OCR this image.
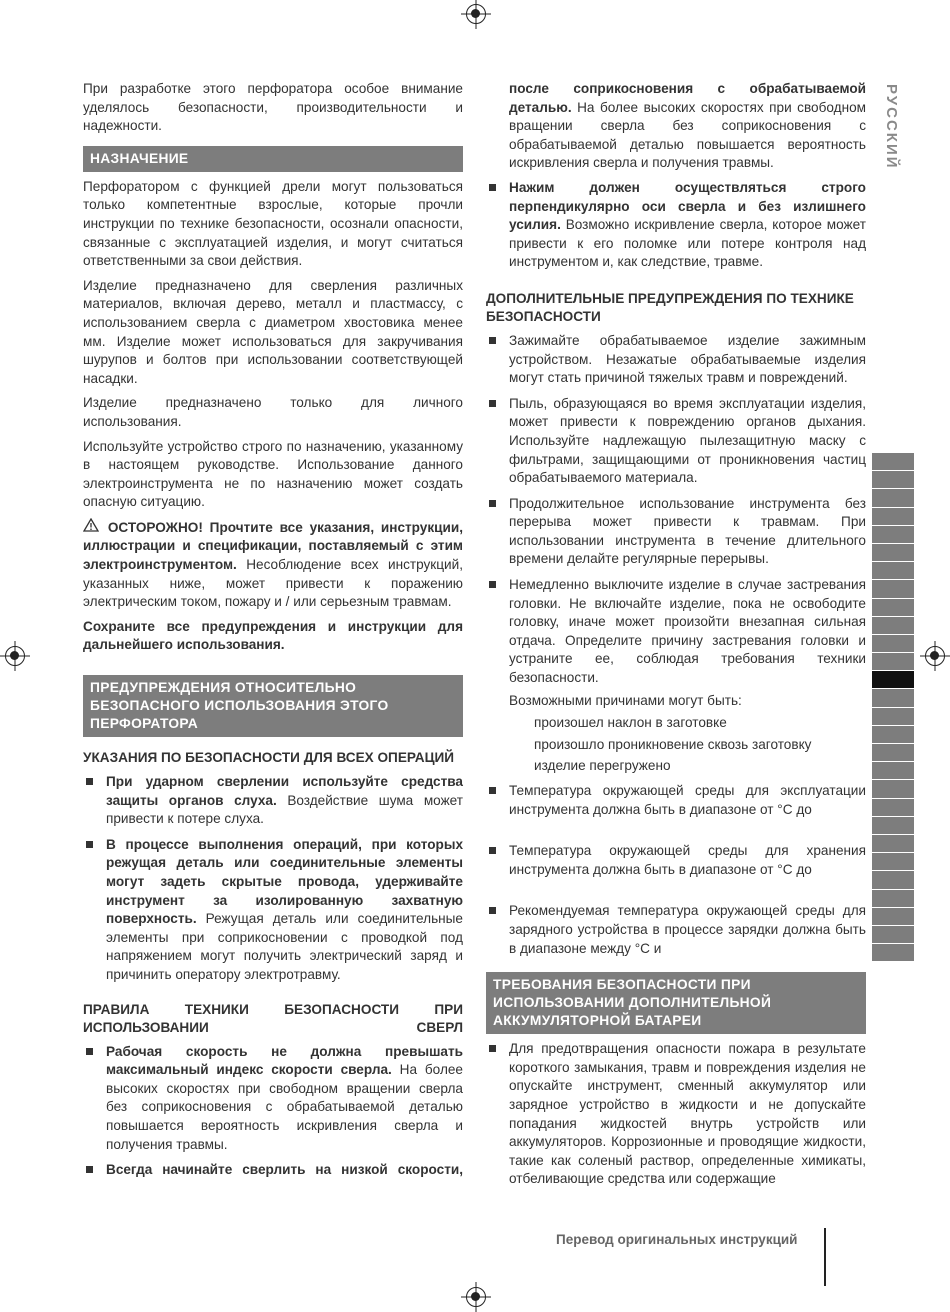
РУССКИЙ

При разработке этого перфоратора особое внимание уделялось безопасности, производительности и надежности.

НАЗНАЧЕНИЕ

Перфоратором с функцией дрели могут пользоваться только компетентные взрослые, которые прочли инструкции по технике безопасности, осознали опасности, связанные с эксплуатацией изделия, и могут считаться ответственными за свои действия.

Изделие предназначено для сверления различных материалов, включая дерево, металл и пластмассу, с использованием сверла с диаметром хвостовика менее мм. Изделие может использоваться для закручивания шурупов и болтов при использовании соответствующей насадки.

Изделие предназначено только для личного использования.

Используйте устройство строго по назначению, указанному в настоящем руководстве. Использование данного электроинструмента не по назначению может создать опасную ситуацию.

ОСТОРОЖНО! Прочтите все указания, инструкции, иллюстрации и спецификации, поставляемый с этим электроинструментом. Несоблюдение всех инструкций, указанных ниже, может привести к поражению электрическим током, пожару и / или серьезным травмам.

Сохраните все предупреждения и инструкции для дальнейшего использования.

ПРЕДУПРЕЖДЕНИЯ ОТНОСИТЕЛЬНО БЕЗОПАСНОГО ИСПОЛЬЗОВАНИЯ ЭТОГО ПЕРФОРАТОРА
УКАЗАНИЯ ПО БЕЗОПАСНОСТИ ДЛЯ ВСЕХ ОПЕРАЦИЙ
При ударном сверлении используйте средства защиты органов слуха. Воздействие шума может привести к потере слуха.
В процессе выполнения операций, при которых режущая деталь или соединительные элементы могут задеть скрытые провода, удерживайте инструмент за изолированную захватную поверхность. Режущая деталь или соединительные элементы при соприкосновении с проводкой под напряжением могут получить электрический заряд и причинить оператору электротравму.
ПРАВИЛА ТЕХНИКИ БЕЗОПАСНОСТИ ПРИ ИСПОЛЬЗОВАНИИ СВЕРЛ
Рабочая скорость не должна превышать максимальный индекс скорости сверла. На более высоких скоростях при свободном вращении сверла без соприкосновения с обрабатываемой деталью повышается вероятность искривления сверла и получения травмы.
Всегда начинайте сверлить на низкой скорости,

после соприкосновения с обрабатываемой деталью. На более высоких скоростях при свободном вращении сверла без соприкосновения с обрабатываемой деталью повышается вероятность искривления сверла и получения травмы.

Нажим должен осуществляться строго перпендикулярно оси сверла и без излишнего усилия. Возможно искривление сверла, которое может привести к его поломке или потере контроля над инструментом и, как следствие, травме.
ДОПОЛНИТЕЛЬНЫЕ ПРЕДУПРЕЖДЕНИЯ ПО ТЕХНИКЕ БЕЗОПАСНОСТИ
Зажимайте обрабатываемое изделие зажимным устройством. Незажатые обрабатываемые изделия могут стать причиной тяжелых травм и повреждений.
Пыль, образующаяся во время эксплуатации изделия, может привести к повреждению органов дыхания. Используйте надлежащую пылезащитную маску с фильтрами, защищающими от проникновения частиц обрабатываемого материала.
Продолжительное использование инструмента без перерыва может привести к травмам. При использовании инструмента в течение длительного времени делайте регулярные перерывы.
Немедленно выключите изделие в случае застревания головки. Не включайте изделие, пока не освободите головку, иначе может произойти внезапная сильная отдача. Определите причину застревания головки и устраните ее, соблюдая требования техники безопасности.

Возможными причинами могут быть:

произошел наклон в заготовке

произошло проникновение сквозь заготовку

изделие перегружено

Температура окружающей среды для эксплуатации инструмента должна быть в диапазоне от °C до
Температура окружающей среды для хранения инструмента должна быть в диапазоне от °C до
Рекомендуемая температура окружающей среды для зарядного устройства в процессе зарядки должна быть в диапазоне между °C и
ТРЕБОВАНИЯ БЕЗОПАСНОСТИ ПРИ ИСПОЛЬЗОВАНИИ ДОПОЛНИТЕЛЬНОЙ АККУМУЛЯТОРНОЙ БАТАРЕИ
Для предотвращения опасности пожара в результате короткого замыкания, травм и повреждения изделия не опускайте инструмент, сменный аккумулятор или зарядное устройство в жидкости и не допускайте попадания жидкостей внутрь устройств или аккумуляторов. Коррозионные и проводящие жидкости, такие как соленый раствор, определенные химикаты, отбеливающие средства или содержащие
Перевод оригинальных инструкций
